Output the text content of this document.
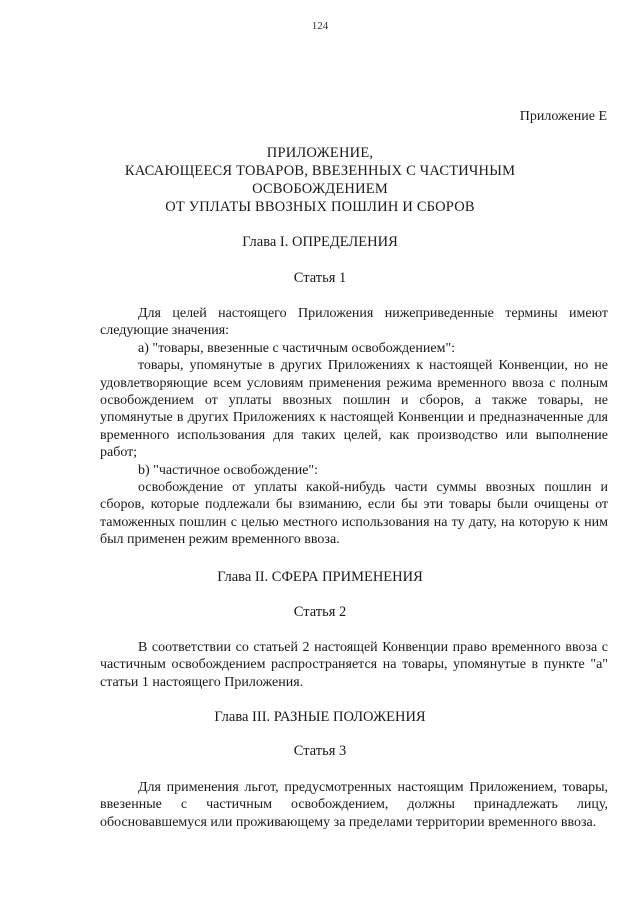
124
Приложение Е
ПРИЛОЖЕНИЕ,
КАСАЮЩЕЕСЯ ТОВАРОВ, ВВЕЗЕННЫХ С ЧАСТИЧНЫМ
ОСВОБОЖДЕНИЕМ
ОТ УПЛАТЫ ВВОЗНЫХ ПОШЛИН И СБОРОВ
Глава I. ОПРЕДЕЛЕНИЯ
Статья 1

Для целей настоящего Приложения нижеприведенные термины имеют следующие значения:

а) "товары, ввезенные с частичным освобождением":

товары, упомянутые в других Приложениях к настоящей Конвенции, но не удовлетворяющие всем условиям применения режима временного ввоза с полным освобождением от уплаты ввозных пошлин и сборов, а также товары, не упомянутые в других Приложениях к настоящей Конвенции и предназначенные для временного использования для таких целей, как производство или выполнение работ;

b) "частичное освобождение":

освобождение от уплаты какой-нибудь части суммы ввозных пошлин и сборов, которые подлежали бы взиманию, если бы эти товары были очищены от таможенных пошлин с целью местного использования на ту дату, на которую к ним был применен режим временного ввоза.

Глава II. СФЕРА ПРИМЕНЕНИЯ
Статья 2

В соответствии со статьей 2 настоящей Конвенции право временного ввоза с частичным освобождением распространяется на товары, упомянутые в пункте "а" статьи 1 настоящего Приложения.

Глава III. РАЗНЫЕ ПОЛОЖЕНИЯ
Статья 3

Для применения льгот, предусмотренных настоящим Приложением, товары, ввезенные с частичным освобождением, должны принадлежать лицу, обосновавшемуся или проживающему за пределами территории временного ввоза.
